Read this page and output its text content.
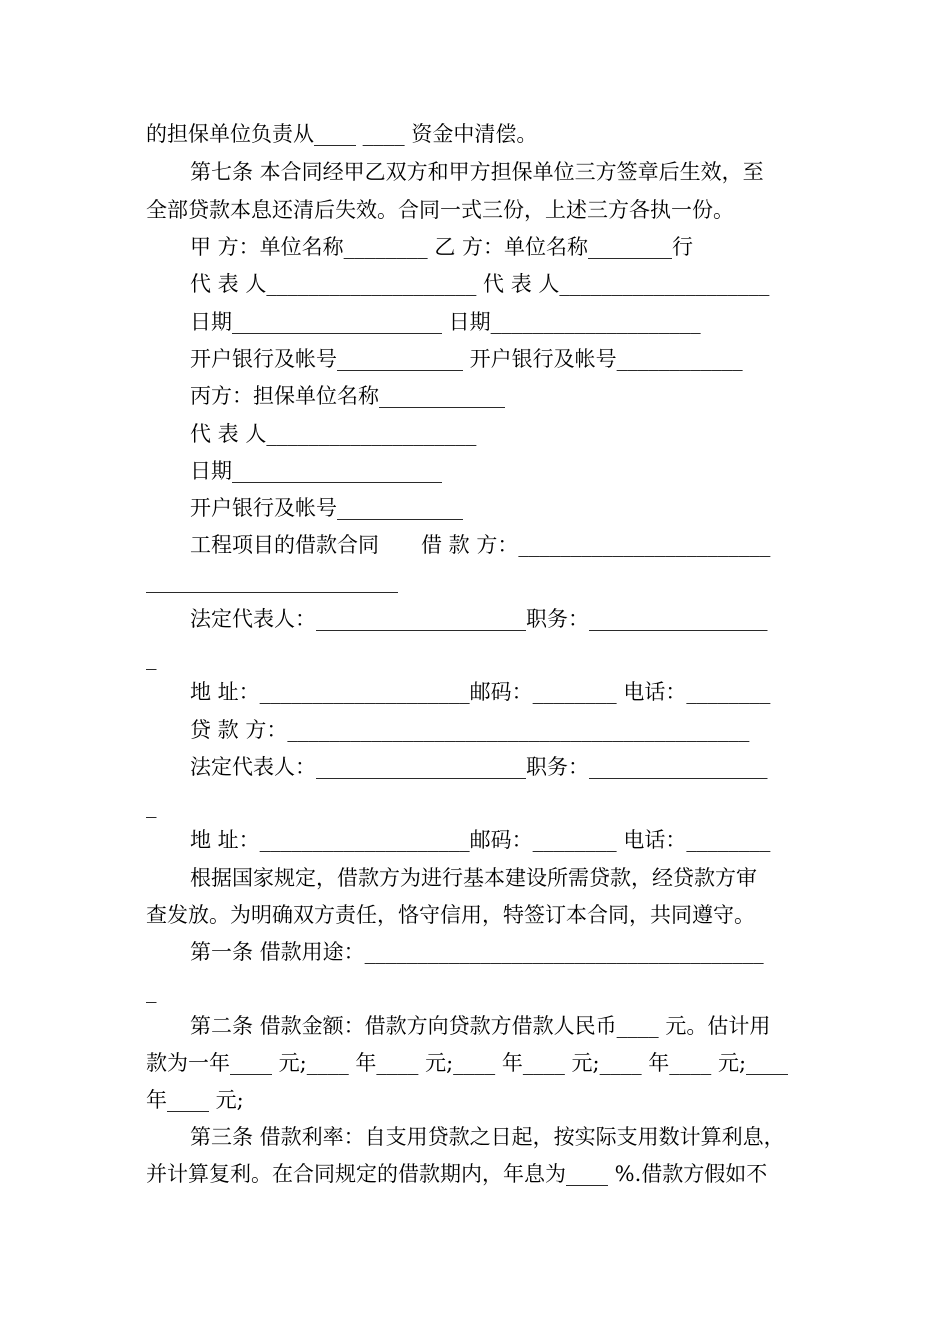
的担保单位负责从____ ____ 资金中清偿。
第七条 本合同经甲乙双方和甲方担保单位三方签章后生效，至
全部贷款本息还清后失效。合同一式三份，上述三方各执一份。
甲 方：单位名称________ 乙 方：单位名称________行
代 表 人____________________ 代 表 人____________________
日期____________________ 日期____________________
开户银行及帐号____________ 开户银行及帐号____________
丙方：担保单位名称____________
代 表 人____________________
日期____________________
开户银行及帐号____________
工程项目的借款合同　　借 款 方：________________________
________________________
法定代表人：____________________职务：_________________
_
地 址：____________________邮码：________ 电话：________
贷 款 方：____________________________________________
法定代表人：____________________职务：_________________
_
地 址：____________________邮码：________ 电话：________
根据国家规定，借款方为进行基本建设所需贷款，经贷款方审
查发放。为明确双方责任，恪守信用，特签订本合同，共同遵守。
第一条 借款用途：______________________________________
_
第二条 借款金额：借款方向贷款方借款人民币____ 元。估计用
款为一年____ 元;____ 年____ 元;____ 年____ 元;____ 年____ 元;____
年____ 元;
第三条 借款利率：自支用贷款之日起，按实际支用数计算利息，
并计算复利。在合同规定的借款期内，年息为____ %.借款方假如不
